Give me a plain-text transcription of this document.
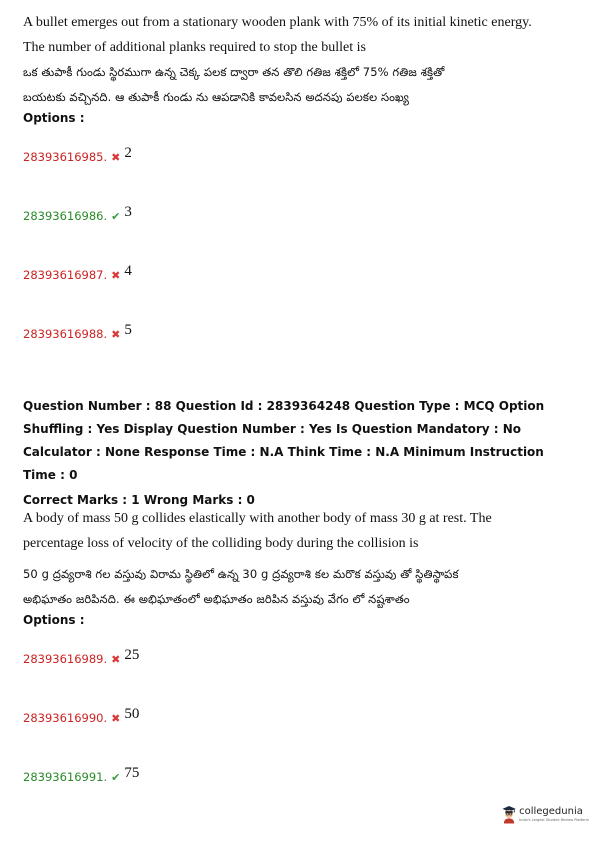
A bullet emerges out from a stationary wooden plank with 75% of its initial kinetic energy.
The number of additional planks required to stop the bullet is
ఒక తుపాకీ గుండు స్థిరముగా ఉన్న చెక్క పలక ద్వారా తన తొలి గతిజ శక్తిలో 75% గతిజ శక్తితో
బయటకు వచ్చినది. ఆ తుపాకీ గుండు ను ఆపడానికి కావలసిన అదనపు పలకల సంఖ్య
Options :
28393616985. ✖ 2
28393616986. ✔ 3
28393616987. ✖ 4
28393616988. ✖ 5
Question Number : 88 Question Id : 2839364248 Question Type : MCQ Option Shuffling : Yes Display Question Number : Yes Is Question Mandatory : No Calculator : None Response Time : N.A Think Time : N.A Minimum Instruction Time : 0
Correct Marks : 1 Wrong Marks : 0
A body of mass 50 g collides elastically with another body of mass 30 g at rest. The
percentage loss of velocity of the colliding body during the collision is
50 g ద్రవ్యరాశి గల వస్తువు విరామ స్థితిలో ఉన్న 30 g ద్రవ్యరాశి కల మరొక వస్తువు తో స్థితిస్థాపక
అభిఘాతం జరిపినది. ఈ అభిఘాతంలో అభిఘాతం జరిపిన వస్తువు వేగం లో నష్టశాతం
Options :
28393616989. ✖ 25
28393616990. ✖ 50
28393616991. ✔ 75
collegedunia
India's Largest Student Review Platform
